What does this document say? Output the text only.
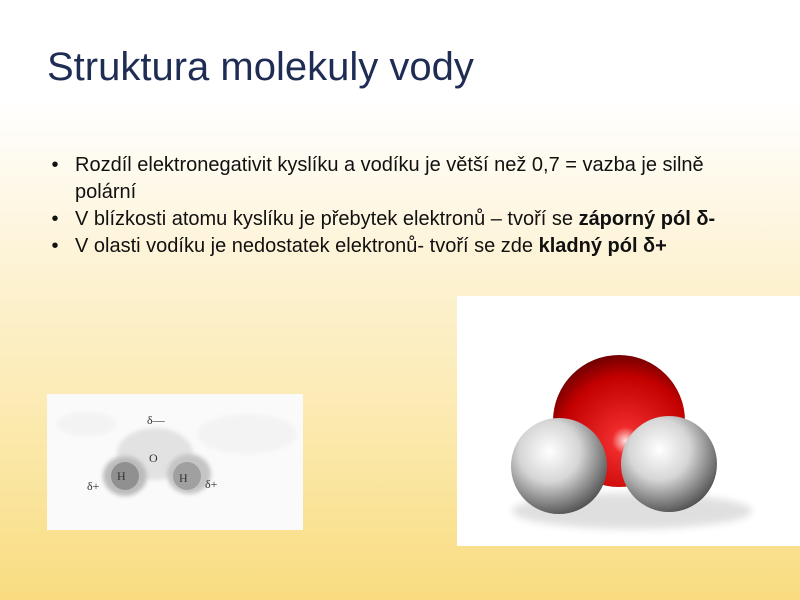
Struktura molekuly vody
• Rozdíl elektronegativit kyslíku a vodíku je větší než 0,7 = vazba je silně polární
• V blízkosti atomu kyslíku je přebytek elektronů – tvoří se záporný pól δ-
• V olasti vodíku je nedostatek elektronů- tvoří se zde kladný pól δ+
δ—
O
H	H
δ+	δ+
